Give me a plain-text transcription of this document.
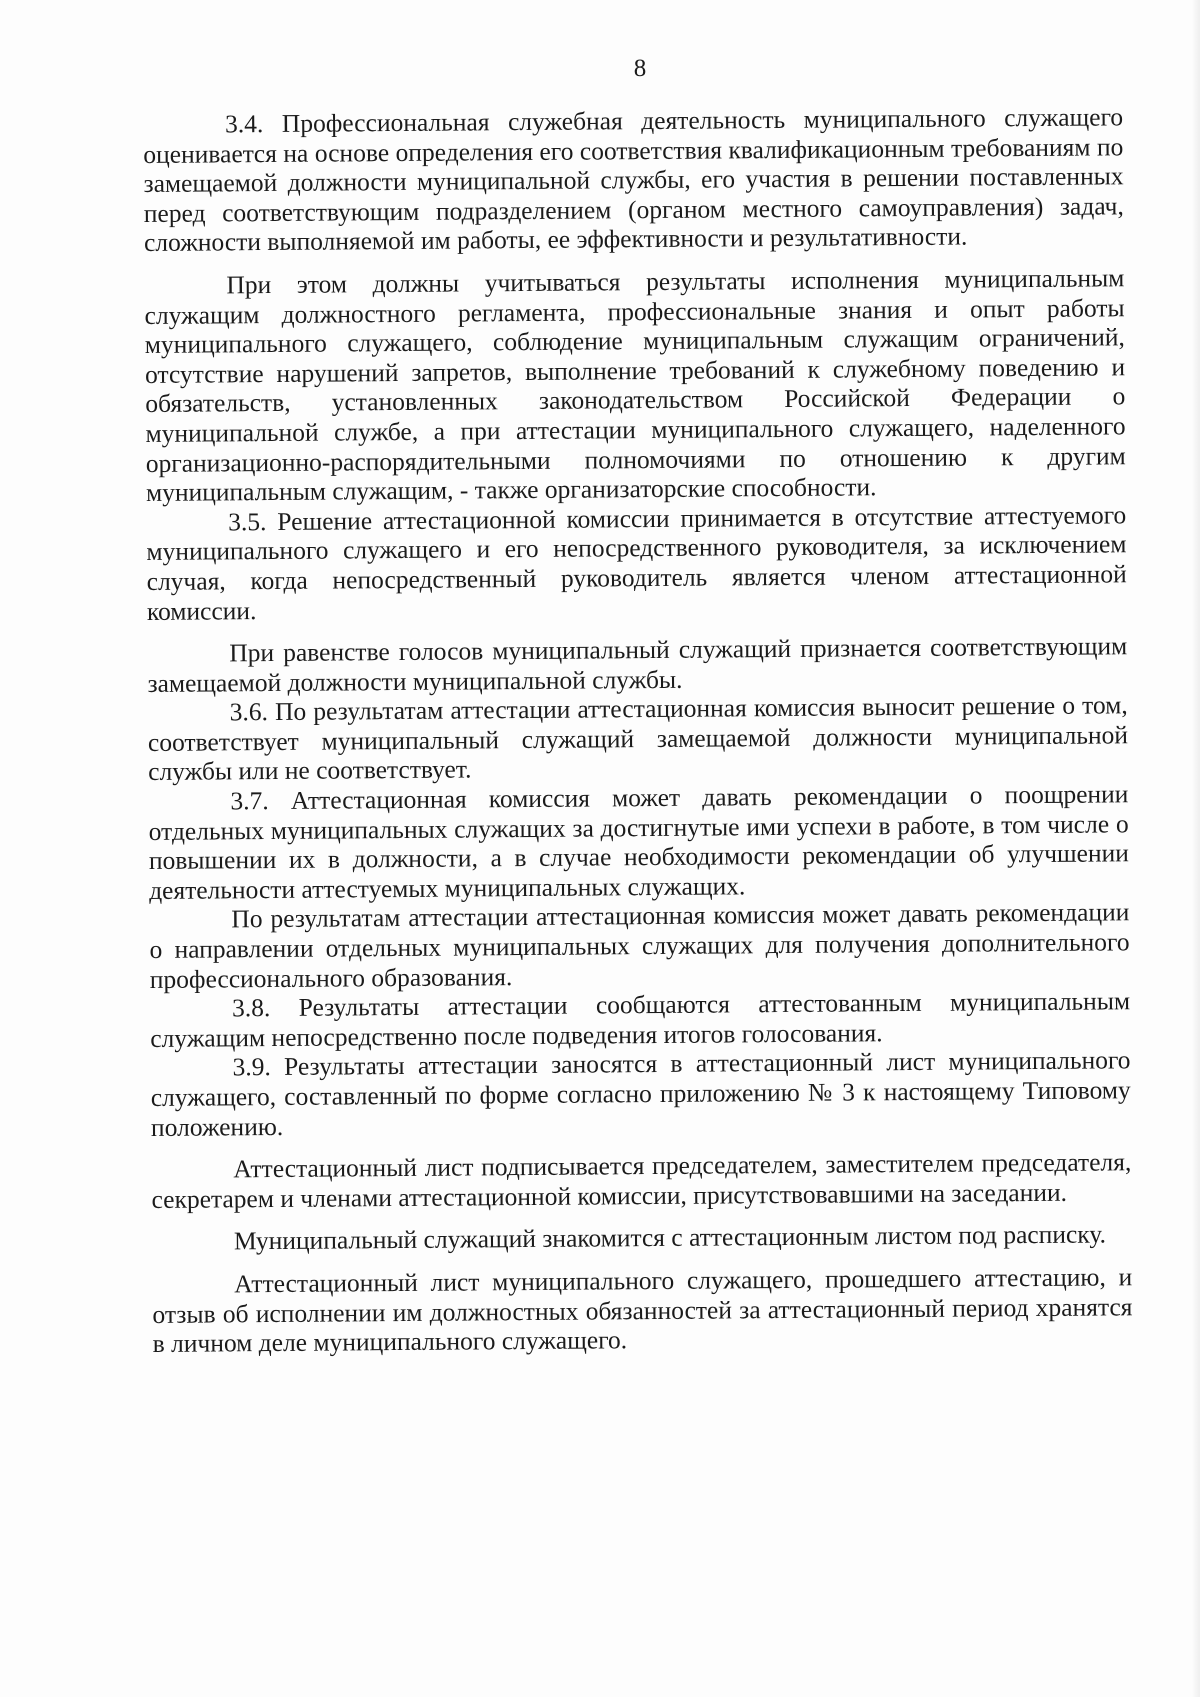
8

3.4. Профессиональная служебная деятельность муниципального служащего оцениваетcя на основе определения его соответствия квалификационным требованиям по замещаемой должности муниципальной службы, его участия в решении поставленных перед соответствующим подразделением (органом местного самоуправления) задач, сложности выполняемой им работы, ее эффективности и результативности.

При этом должны учитываться результаты исполнения муниципальным служащим должностного регламента, профессиональные знания и опыт работы муниципального служащего, соблюдение муниципальным служащим ограничений, отсутствие нарушений запретов, выполнение требований к служебному поведению и обязательств, установленных законодательством Российской Федерации о муниципальной службе, а при аттестации муниципального служащего, наделенного организационно-распорядительными полномочиями по отношению к другим муниципальным служащим, - также организаторские способности.

3.5. Решение аттестационной комиссии принимается в отсутствие аттестуемого муниципального служащего и его непосредственного руководителя, за исключением случая, когда непосредственный руководитель является членом аттестационной комиссии.

При равенстве голосов муниципальный служащий признается соответствующим замещаемой должности муниципальной службы.

3.6. По результатам аттестации аттестационная комиссия выносит решение о том, соответствует муниципальный служащий замещаемой должности муниципальной службы или не соответствует.

3.7. Аттестационная комиссия может давать рекомендации о поощрении отдельных муниципальных служащих за достигнутые ими успехи в работе, в том числе о повышении их в должности, а в случае необходимости рекомендации об улучшении деятельности аттестуемых муниципальных служащих.

По результатам аттестации аттестационная комиссия может давать рекомендации о направлении отдельных муниципальных служащих для получения дополнительного профессионального образования.

3.8. Результаты аттестации сообщаются аттестованным муниципальным служащим непосредственно после подведения итогов голосования.

3.9. Результаты аттестации заносятся в аттестационный лист муниципального служащего, составленный по форме согласно приложению № 3 к настоящему Типовому положению.

Аттестационный лист подписывается председателем, заместителем председателя, секретарем и членами аттестационной комиссии, присутствовавшими на заседании.

Муниципальный служащий знакомится с аттестационным листом под расписку.

Аттестационный лист муниципального служащего, прошедшего аттестацию, и отзыв об исполнении им должностных обязанностей за аттестационный период хранятся в личном деле муниципального служащего.
